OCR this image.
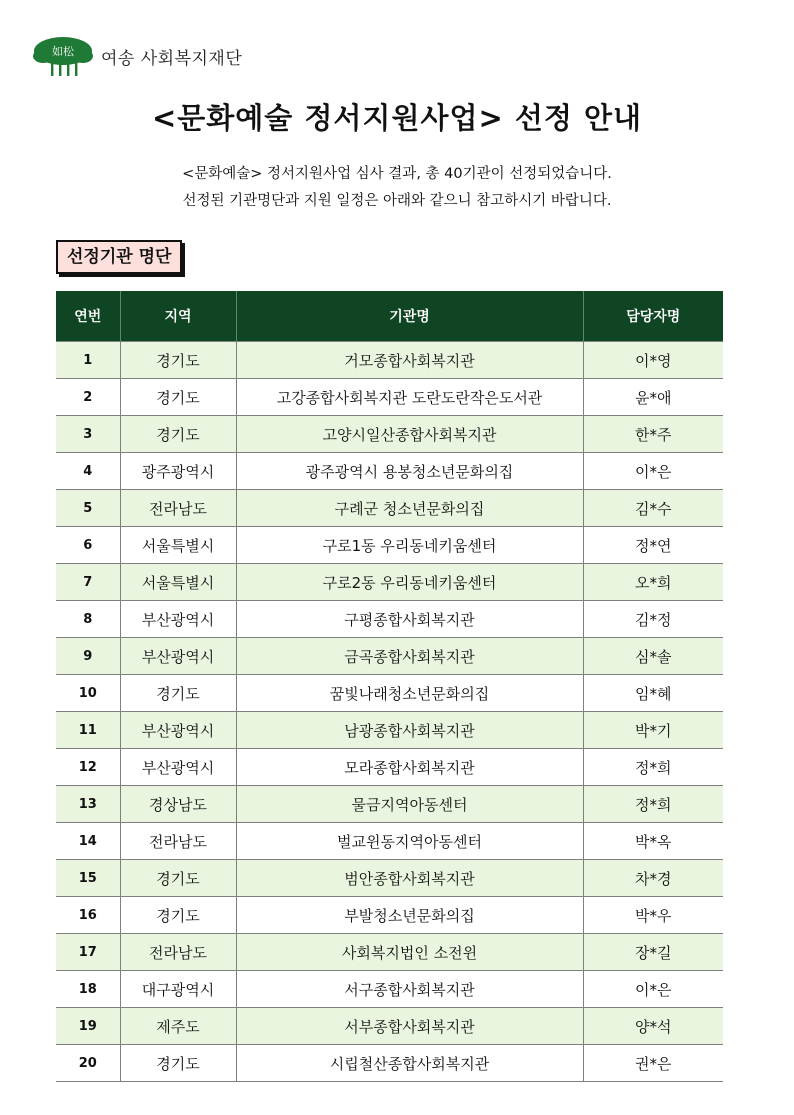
如松 여송 사회복지재단
<문화예술 정서지원사업> 선정 안내
<문화예술> 정서지원사업 심사 결과, 총 40기관이 선정되었습니다.
선정된 기관명단과 지원 일정은 아래와 같으니 참고하시기 바랍니다.
선정기관 명단
연번	지역	기관명	담당자명
1	경기도	거모종합사회복지관	이*영
2	경기도	고강종합사회복지관 도란도란작은도서관	윤*애
3	경기도	고양시일산종합사회복지관	한*주
4	광주광역시	광주광역시 용봉청소년문화의집	이*은
5	전라남도	구례군 청소년문화의집	김*수
6	서울특별시	구로1동 우리동네키움센터	정*연
7	서울특별시	구로2동 우리동네키움센터	오*희
8	부산광역시	구평종합사회복지관	김*정
9	부산광역시	금곡종합사회복지관	심*솔
10	경기도	꿈빛나래청소년문화의집	임*혜
11	부산광역시	남광종합사회복지관	박*기
12	부산광역시	모라종합사회복지관	정*희
13	경상남도	물금지역아동센터	정*희
14	전라남도	벌교윈동지역아동센터	박*옥
15	경기도	범안종합사회복지관	차*경
16	경기도	부발청소년문화의집	박*우
17	전라남도	사회복지법인 소전윈	장*길
18	대구광역시	서구종합사회복지관	이*은
19	제주도	서부종합사회복지관	양*석
20	경기도	시립철산종합사회복지관	권*은
